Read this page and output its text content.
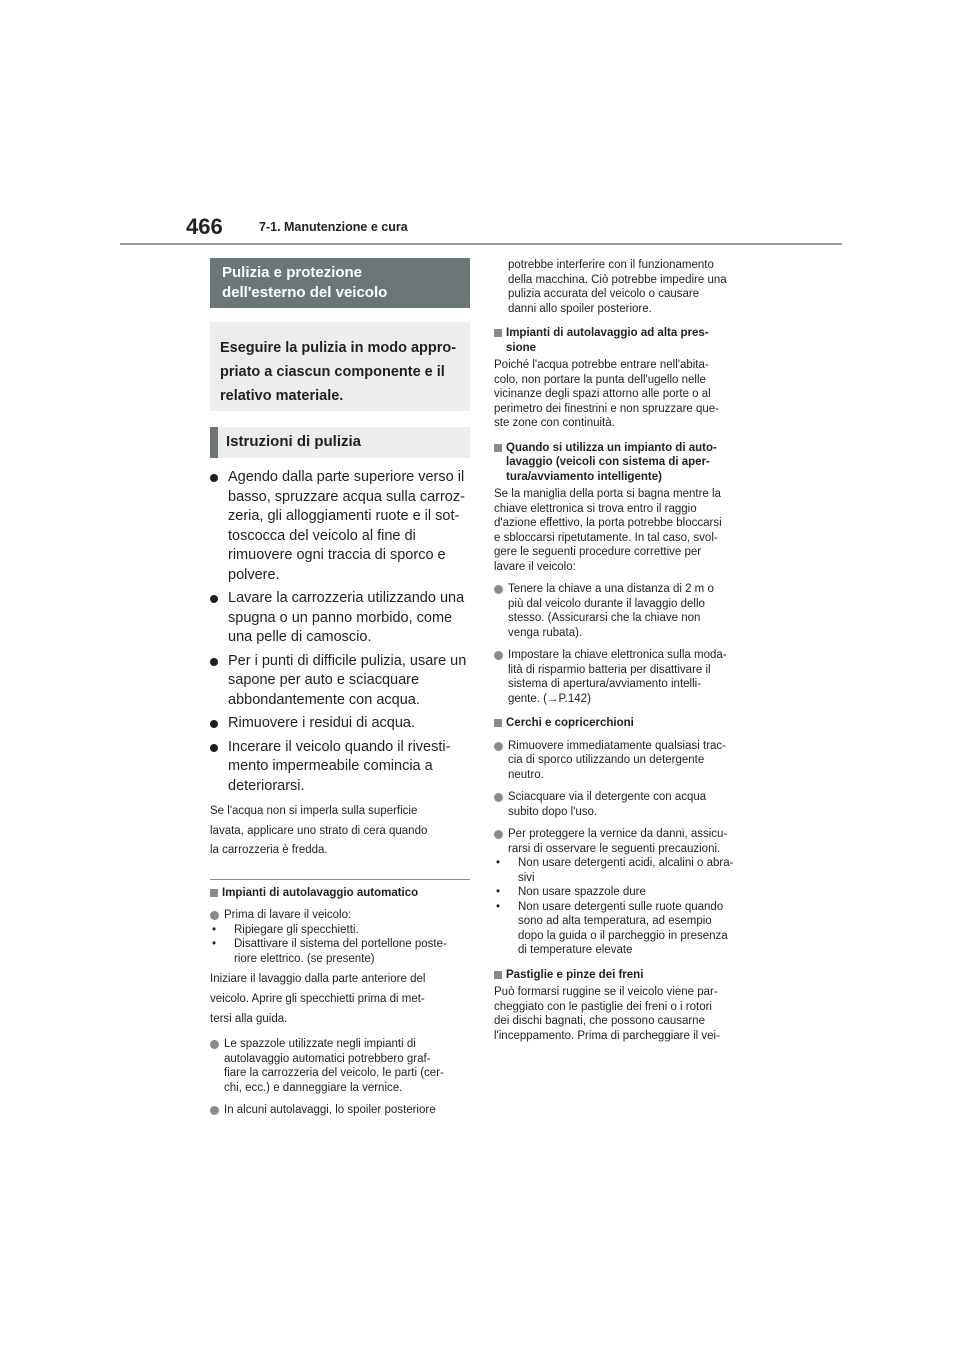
466	7-1. Manutenzione e cura
Pulizia e protezione
dell'esterno del veicolo
Eseguire la pulizia in modo appro-
priato a ciascun componente e il
relativo materiale.
Istruzioni di pulizia
Agendo dalla parte superiore verso il
basso, spruzzare acqua sulla carroz-
zeria, gli alloggiamenti ruote e il sot-
toscocca del veicolo al fine di
rimuovere ogni traccia di sporco e
polvere.
Lavare la carrozzeria utilizzando una
spugna o un panno morbido, come
una pelle di camoscio.
Per i punti di difficile pulizia, usare un
sapone per auto e sciacquare
abbondantemente con acqua.
Rimuovere i residui di acqua.
Incerare il veicolo quando il rivesti-
mento impermeabile comincia a
deteriorarsi.
Se l'acqua non si imperla sulla superficie
lavata, applicare uno strato di cera quando
la carrozzeria è fredda.
Impianti di autolavaggio automatico
Prima di lavare il veicolo:
• Ripiegare gli specchietti.
• Disattivare il sistema del portellone poste-
riore elettrico. (se presente)
Iniziare il lavaggio dalla parte anteriore del
veicolo. Aprire gli specchietti prima di met-
tersi alla guida.
Le spazzole utilizzate negli impianti di
autolavaggio automatici potrebbero graf-
fiare la carrozzeria del veicolo, le parti (cer-
chi, ecc.) e danneggiare la vernice.
In alcuni autolavaggi, lo spoiler posteriore
potrebbe interferire con il funzionamento
della macchina. Ciò potrebbe impedire una
pulizia accurata del veicolo o causare
danni allo spoiler posteriore.
Impianti di autolavaggio ad alta pres-
sione
Poiché l'acqua potrebbe entrare nell'abita-
colo, non portare la punta dell'ugello nelle
vicinanze degli spazi attorno alle porte o al
perimetro dei finestrini e non spruzzare que-
ste zone con continuità.
Quando si utilizza un impianto di auto-
lavaggio (veicoli con sistema di aper-
tura/avviamento intelligente)
Se la maniglia della porta si bagna mentre la
chiave elettronica si trova entro il raggio
d'azione effettivo, la porta potrebbe bloccarsi
e sbloccarsi ripetutamente. In tal caso, svol-
gere le seguenti procedure correttive per
lavare il veicolo:
Tenere la chiave a una distanza di 2 m o
più dal veicolo durante il lavaggio dello
stesso. (Assicurarsi che la chiave non
venga rubata).
Impostare la chiave elettronica sulla moda-
lità di risparmio batteria per disattivare il
sistema di apertura/avviamento intelli-
gente. (→P.142)
Cerchi e copricerchioni
Rimuovere immediatamente qualsiasi trac-
cia di sporco utilizzando un detergente
neutro.
Sciacquare via il detergente con acqua
subito dopo l'uso.
Per proteggere la vernice da danni, assicu-
rarsi di osservare le seguenti precauzioni.
• Non usare detergenti acidi, alcalini o abra-
sivi
• Non usare spazzole dure
• Non usare detergenti sulle ruote quando
sono ad alta temperatura, ad esempio
dopo la guida o il parcheggio in presenza
di temperature elevate
Pastiglie e pinze dei freni
Può formarsi ruggine se il veicolo viene par-
cheggiato con le pastiglie dei freni o i rotori
dei dischi bagnati, che possono causarne
l'inceppamento. Prima di parcheggiare il vei-
